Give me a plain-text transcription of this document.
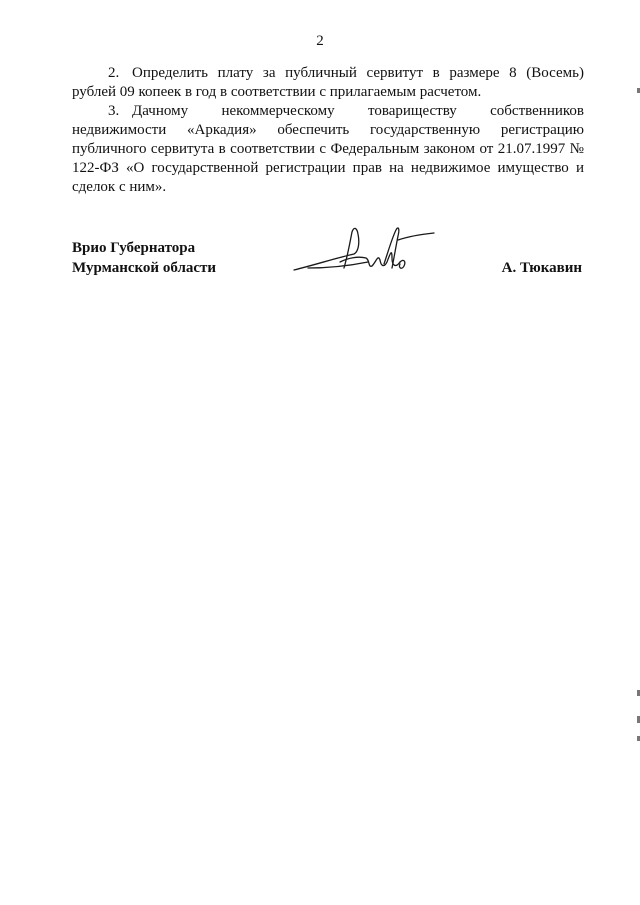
2
2. Определить плату за публичный сервитут в размере 8 (Восемь) рублей 09 копеек в год в соответствии с прилагаемым расчетом.
3. Дачному некоммерческому товариществу собственников недвижимости «Аркадия» обеспечить государственную регистрацию публичного сервитута в соответствии с Федеральным законом от 21.07.1997 № 122-ФЗ «О государственной регистрации прав на недвижимое имущество и сделок с ним».
Врио Губернатора
Мурманской области	А. Тюкавин
